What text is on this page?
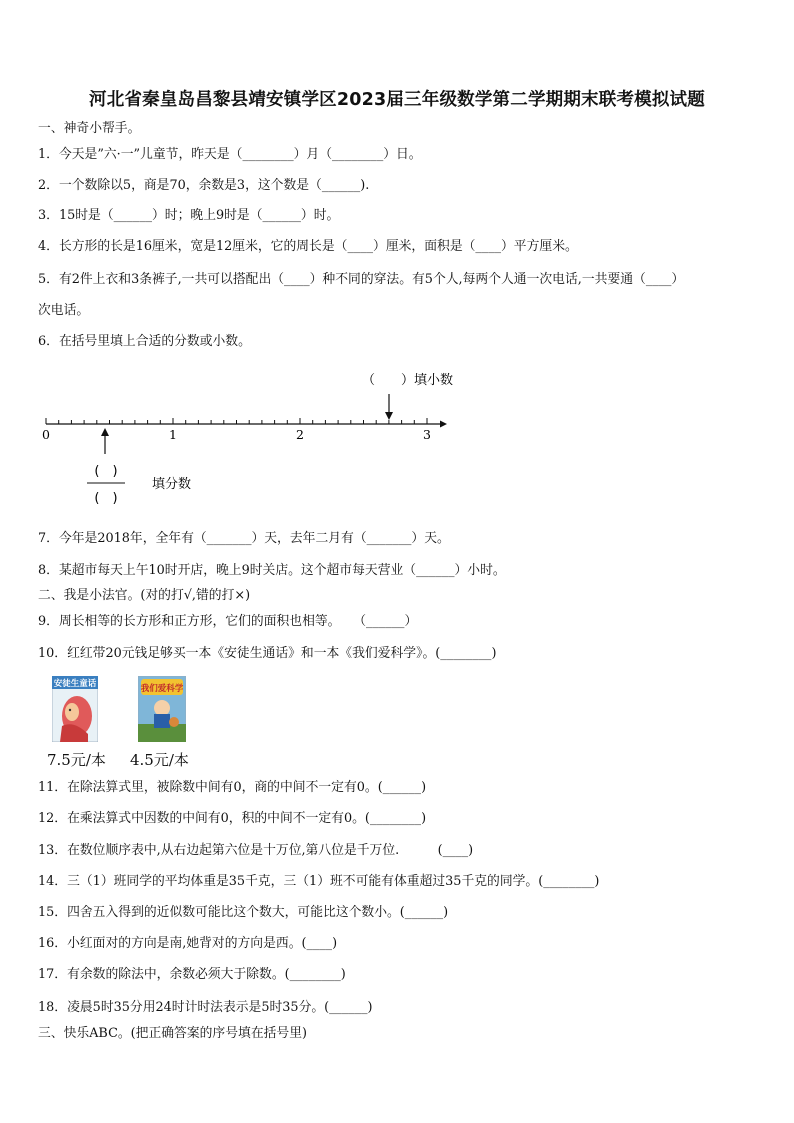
河北省秦皇岛昌黎县靖安镇学区2023届三年级数学第二学期期末联考模拟试题
一、神奇小帮手。
1．今天是”六·一”儿童节，昨天是（________）月（________）日。
2．一个数除以5，商是70，余数是3，这个数是（______).
3．15时是（______）时；晚上9时是（______）时。
4．长方形的长是16厘米，宽是12厘米，它的周长是（____）厘米，面积是（____）平方厘米。
5．有2件上衣和3条裤子,一共可以搭配出（____）种不同的穿法。有5个人,每两个人通一次电话,一共要通（____）
次电话。
6．在括号里填上合适的分数或小数。
0	1	2	3
（　　）填小数
(　)
(　)
填分数
7．今年是2018年，全年有（_______）天，去年二月有（_______）天。
8．某超市每天上午10时开店，晚上9时关店。这个超市每天营业（______）小时。
二、我是小法官。(对的打√,错的打×)
9．周长相等的长方形和正方形，它们的面积也相等。　　（______）
10．红红带20元钱足够买一本《安徒生通话》和一本《我们爱科学》。(________)
安徒生童话	我们爱科学
7.5元/本 4.5元/本
11．在除法算式里，被除数中间有0，商的中间不一定有0。(______)
12．在乘法算式中因数的中间有0，积的中间不一定有0。(________)
13．在数位顺序表中,从右边起第六位是十万位,第八位是千万位.　　　(____)
14．三（1）班同学的平均体重是35千克，三（1）班不可能有体重超过35千克的同学。(________)
15．四舍五入得到的近似数可能比这个数大，可能比这个数小。(______)
16．小红面对的方向是南,她背对的方向是西。(____)
17．有余数的除法中，余数必须大于除数。(________)
18．凌晨5时35分用24时计时法表示是5时35分。(______)
三、快乐ABC。(把正确答案的序号填在括号里)
